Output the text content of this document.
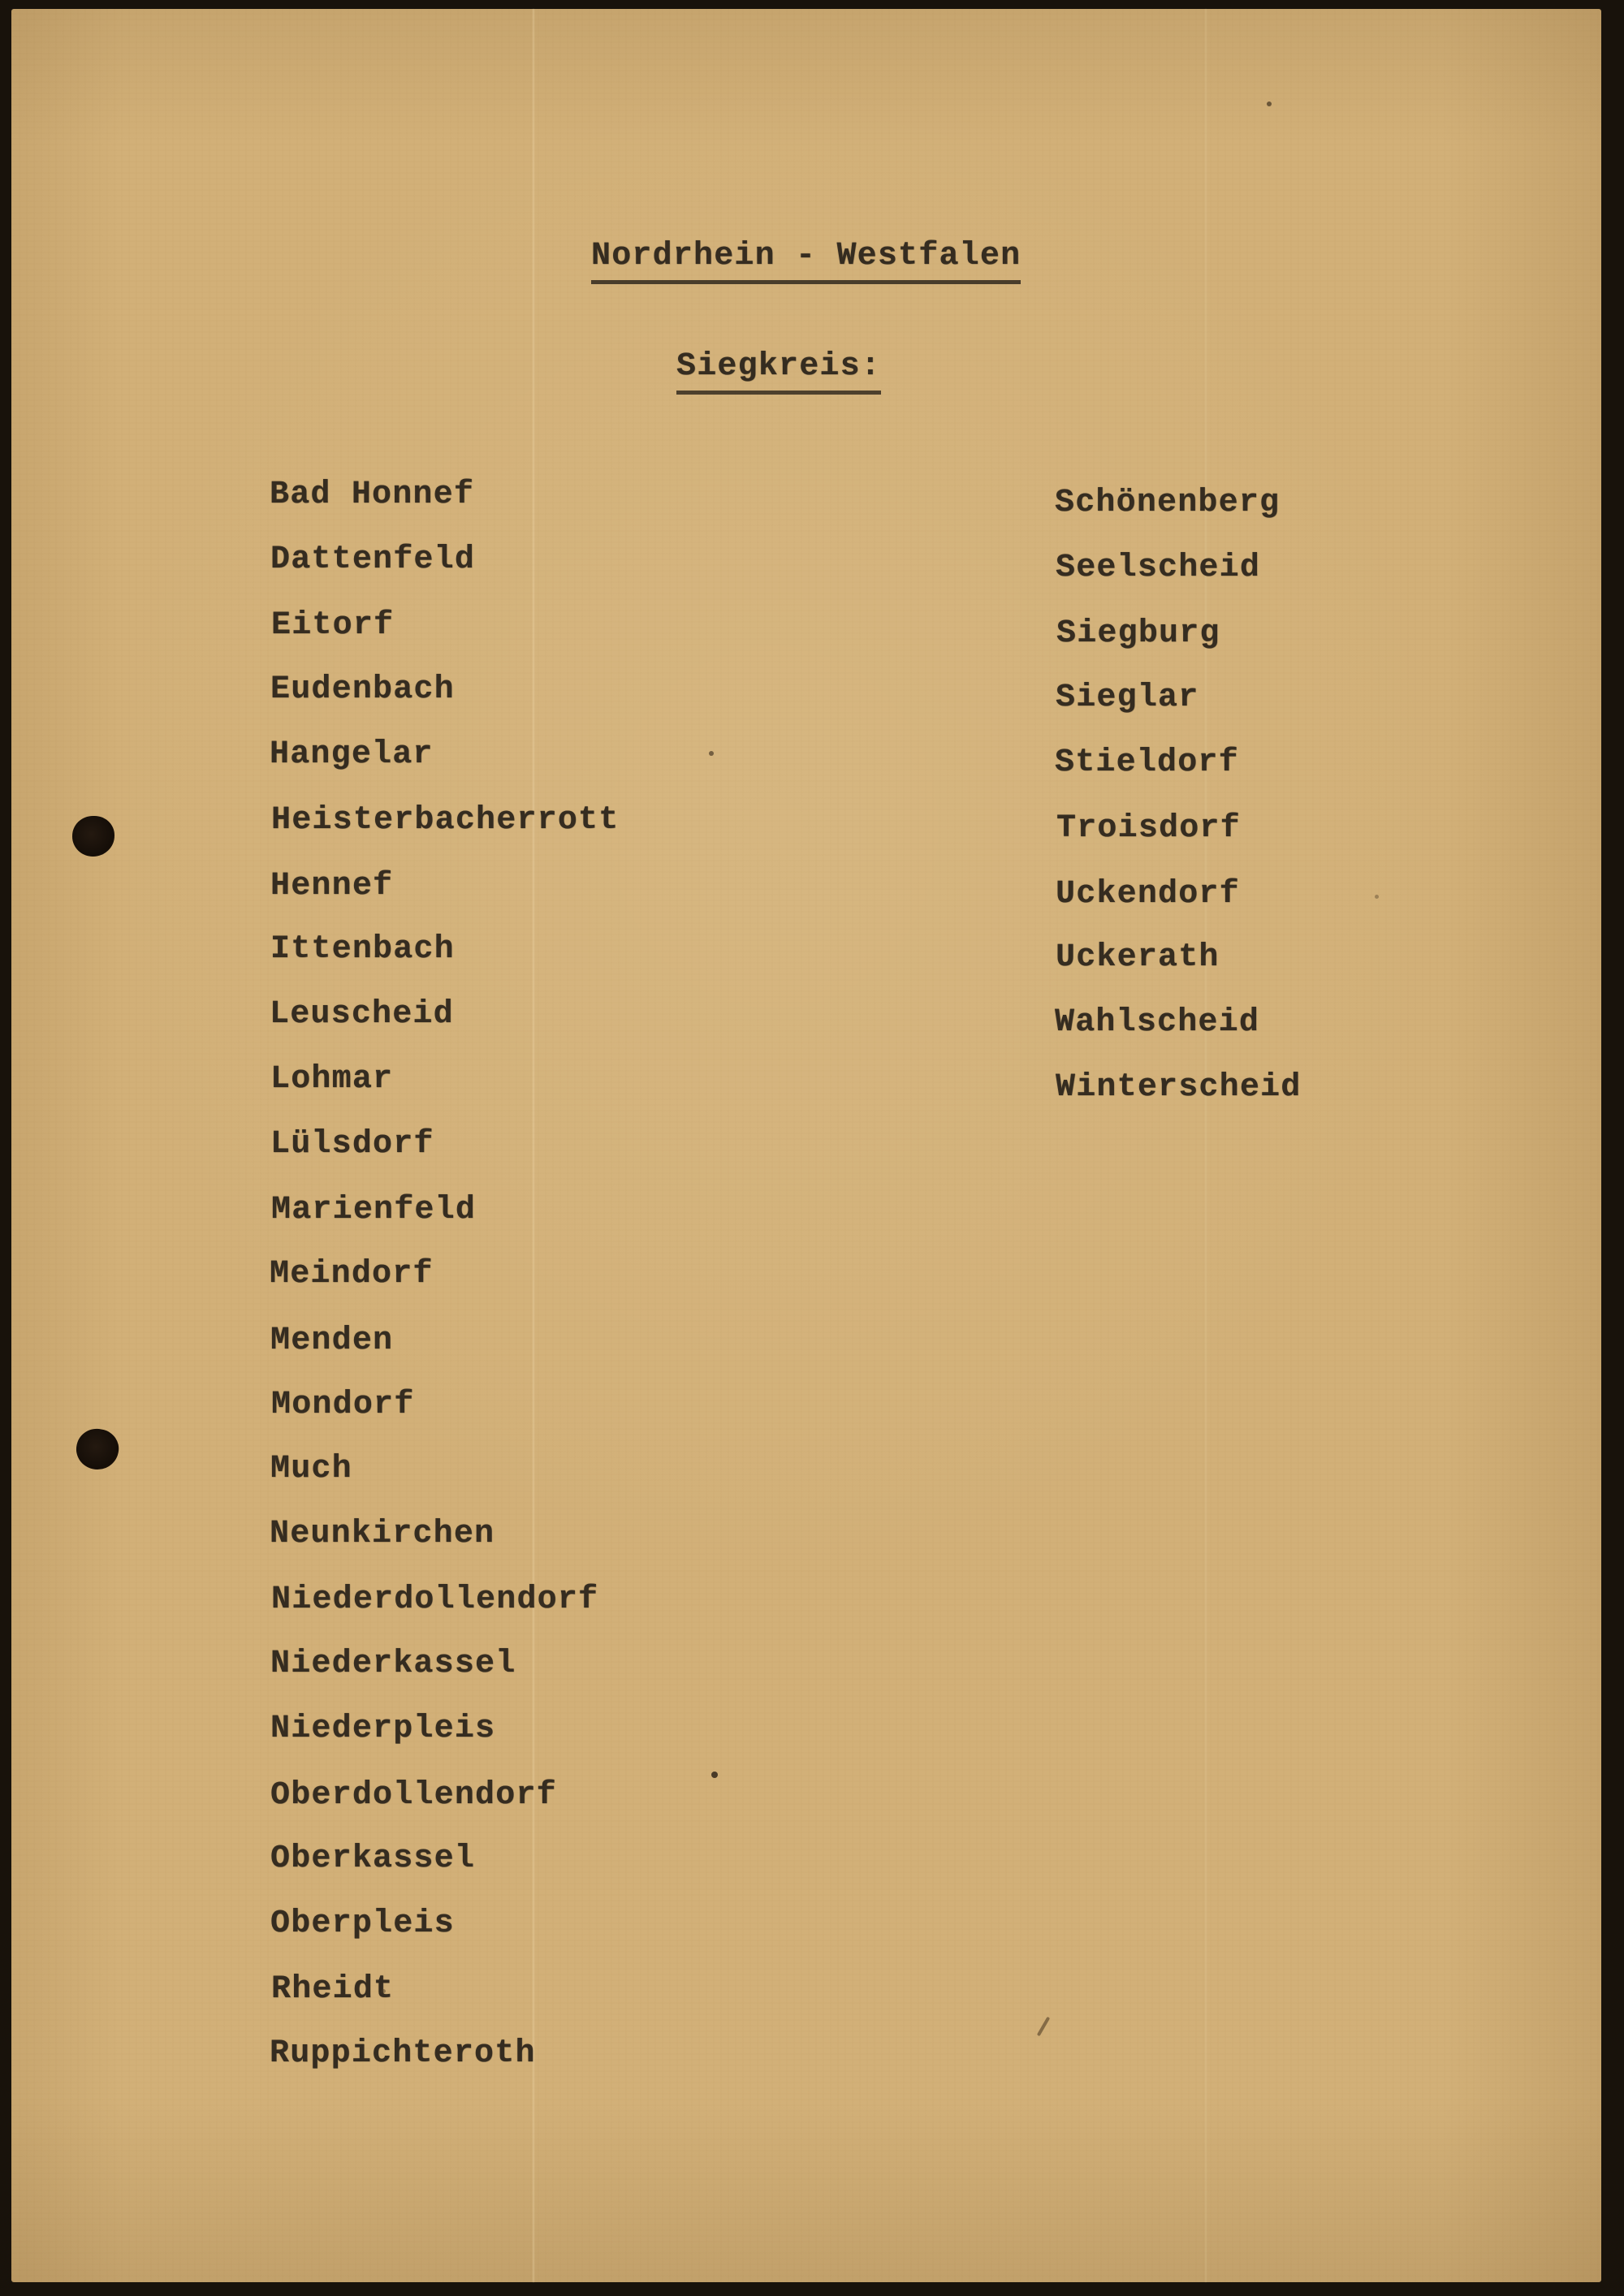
Nordrhein - Westfalen
Siegkreis:
Bad Honnef
Dattenfeld
Eitorf
Eudenbach
Hangelar
Heisterbacherrott
Hennef
Ittenbach
Leuscheid
Lohmar
Lülsdorf
Marienfeld
Meindorf
Menden
Mondorf
Much
Neunkirchen
Niederdollendorf
Niederkassel
Niederpleis
Oberdollendorf
Oberkassel
Oberpleis
Rheidt
Ruppichteroth
Schönenberg
Seelscheid
Siegburg
Sieglar
Stieldorf
Troisdorf
Uckendorf
Uckerath
Wahlscheid
Winterscheid
